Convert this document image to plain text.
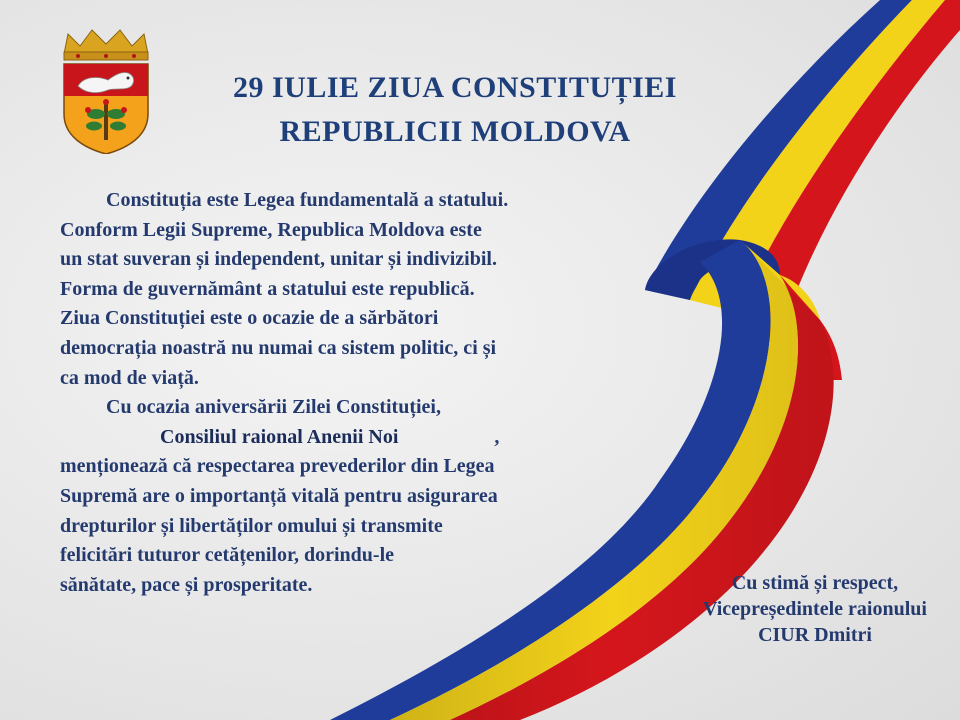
29 IULIE ZIUA CONSTITUȚIEI
REPUBLICII MOLDOVA

Constituția este Legea fundamentală a statului.

Conform Legii Supreme, Republica Moldova este

un stat suveran și independent, unitar și indivizibil.

Forma de guvernământ a statului este republică.

Ziua Constituției este o ocazie de a sărbători

democrația noastră nu numai ca sistem politic, ci și

ca mod de viață.

Cu ocazia aniversării Zilei Constituției,

Consiliul raional Anenii Noi	,

menționează că respectarea prevederilor din Legea

Supremă are o importanță vitală pentru asigurarea

drepturilor și libertăților omului și transmite

felicitări tuturor cetățenilor, dorindu-le

sănătate, pace și prosperitate.	Cu stimă și respect,
Vicepreședintele raionului
CIUR Dmitri
